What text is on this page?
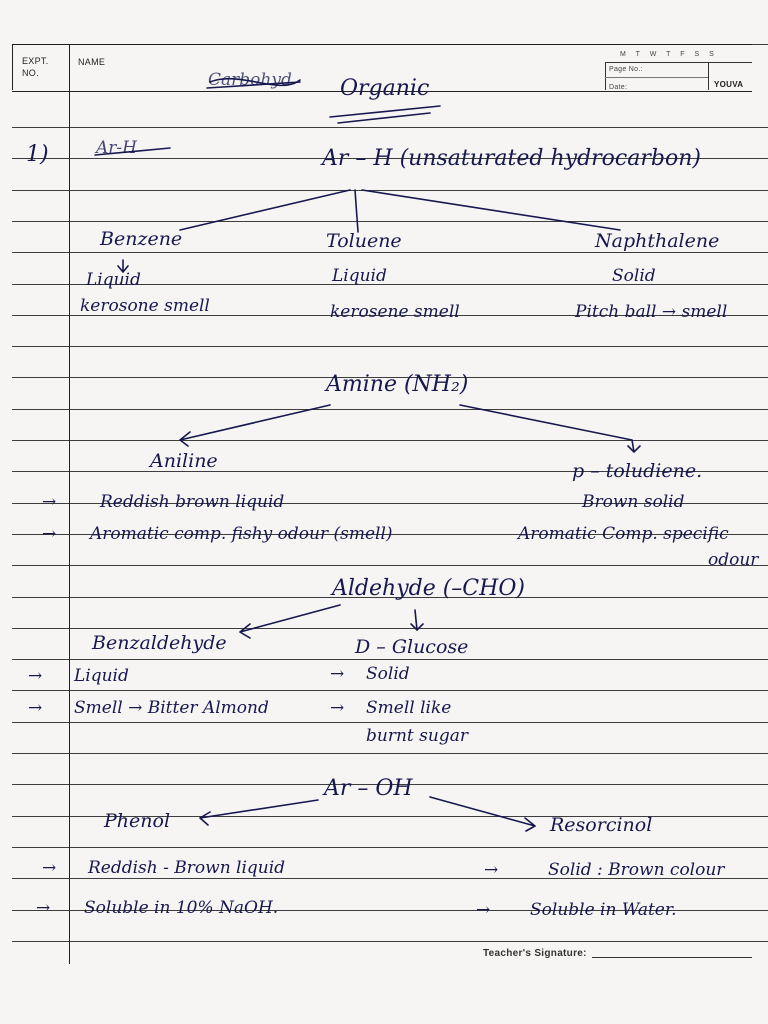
EXPT.
NO.
NAME
M T W T F S S
Page No.:
Date:	YOUVA
Carbohyd Organic
1)	Ar-H	Ar – H (unsaturated hydrocarbon)
Benzene
Liquid
kerosone smell
Toluene
Liquid
kerosene smell
Naphthalene
Solid
Pitch ball → smell
Amine (NH₂)
Aniline
→	Reddish brown liquid
→ Aromatic comp. fishy odour (smell)
p – toludiene.
Brown solid
Aromatic Comp. specific
odour
Aldehyde (–CHO)
Benzaldehyde
→ Liquid
→ Smell → Bitter Almond
D – Glucose
→ Solid
→ Smell like
burnt sugar
Ar – OH
Phenol
→ Reddish - Brown liquid
→ Soluble in 10% NaOH.
Resorcinol
→	Solid : Brown colour
→ Soluble in Water.
Teacher's Signature:
